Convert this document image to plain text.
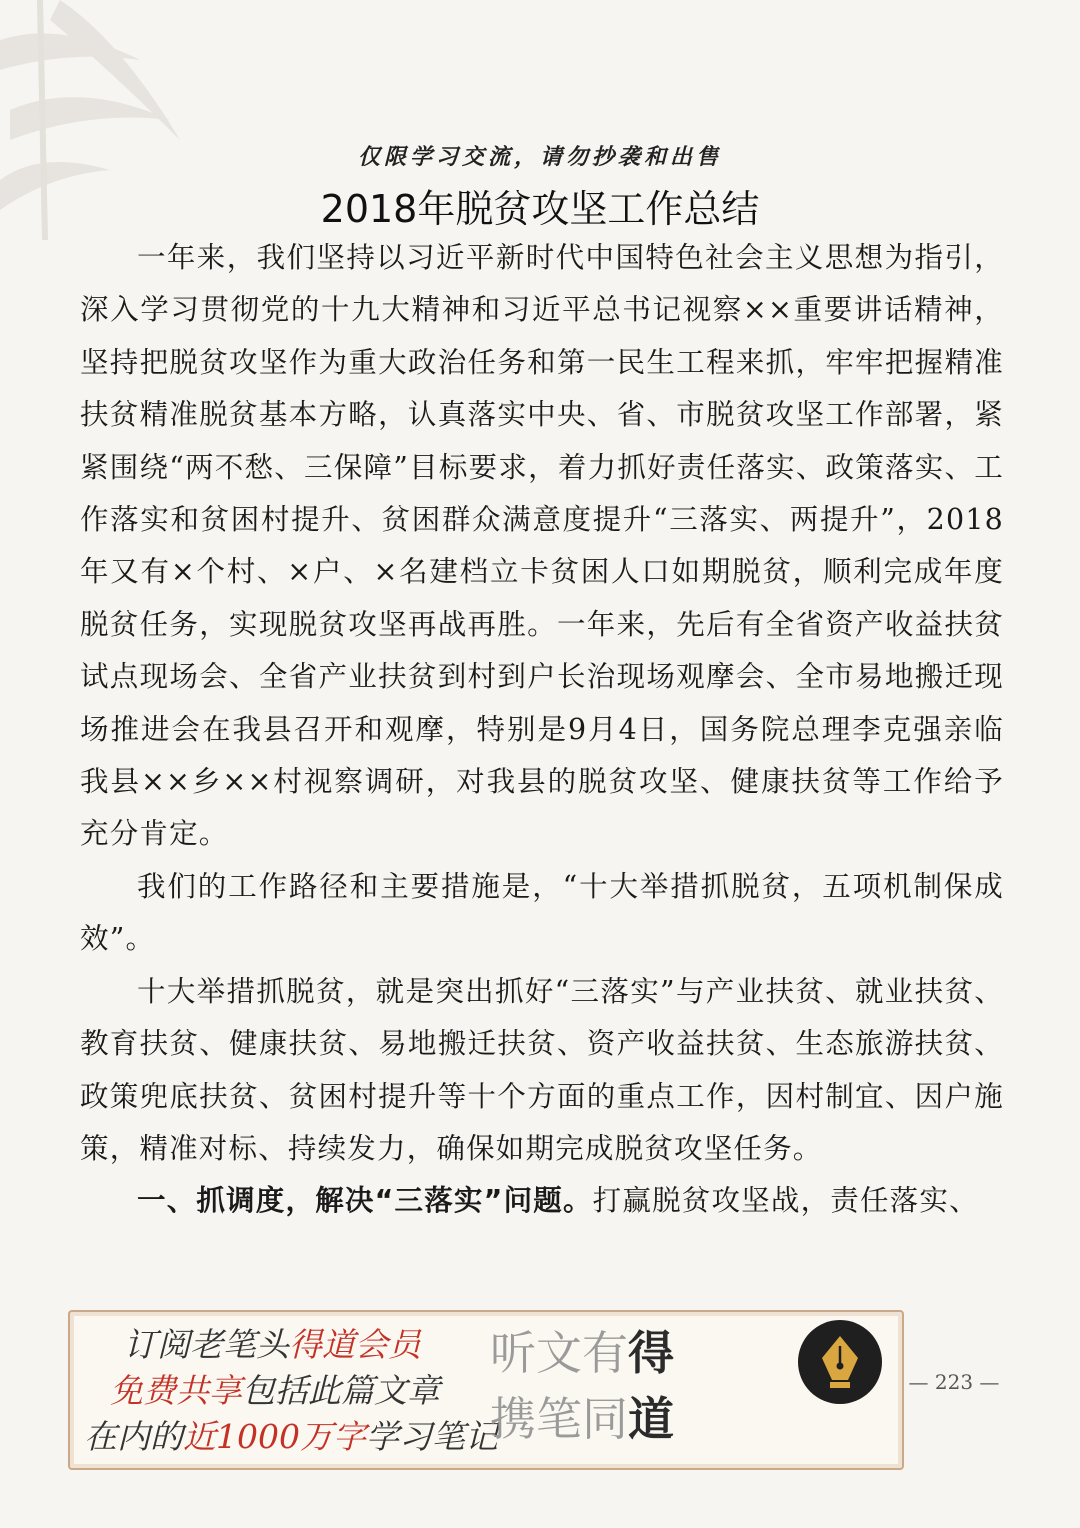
仅限学习交流，请勿抄袭和出售
2018年脱贫攻坚工作总结

一年来，我们坚持以习近平新时代中国特色社会主义思想为指引，深入学习贯彻党的十九大精神和习近平总书记视察××重要讲话精神，坚持把脱贫攻坚作为重大政治任务和第一民生工程来抓，牢牢把握精准扶贫精准脱贫基本方略，认真落实中央、省、市脱贫攻坚工作部署，紧紧围绕“两不愁、三保障”目标要求，着力抓好责任落实、政策落实、工作落实和贫困村提升、贫困群众满意度提升“三落实、两提升”，2018年又有×个村、×户、×名建档立卡贫困人口如期脱贫，顺利完成年度脱贫任务，实现脱贫攻坚再战再胜。一年来，先后有全省资产收益扶贫试点现场会、全省产业扶贫到村到户长治现场观摩会、全市易地搬迁现场推进会在我县召开和观摩，特别是9月4日，国务院总理李克强亲临我县××乡××村视察调研，对我县的脱贫攻坚、健康扶贫等工作给予充分肯定。

我们的工作路径和主要措施是，“十大举措抓脱贫，五项机制保成效”。

十大举措抓脱贫，就是突出抓好“三落实”与产业扶贫、就业扶贫、教育扶贫、健康扶贫、易地搬迁扶贫、资产收益扶贫、生态旅游扶贫、政策兜底扶贫、贫困村提升等十个方面的重点工作，因村制宜、因户施策，精准对标、持续发力，确保如期完成脱贫攻坚任务。

一、抓调度，解决“三落实”问题。打赢脱贫攻坚战，责任落实、

订阅老笔头得道会员
免费共享包括此篇文章
在内的近1000万字学习笔记
听文有得
携笔同道
— 223 —
